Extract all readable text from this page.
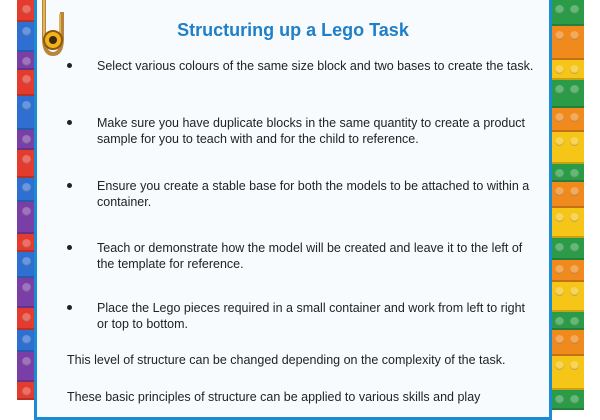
Structuring up a Lego Task

Select various colours of the same size block and two bases to create the task.

Make sure you have duplicate blocks in the same quantity to create a product sample for you to teach with and for the child to reference.

Ensure you create a stable base for both the models to be attached to within a container.

Teach or demonstrate how the model will be created and leave it to the left of the template for reference.

Place the Lego pieces required in a small container and work from left to right or top to bottom.

This level of structure can be changed depending on the complexity of the task.

These basic principles of structure can be applied to various skills and play
